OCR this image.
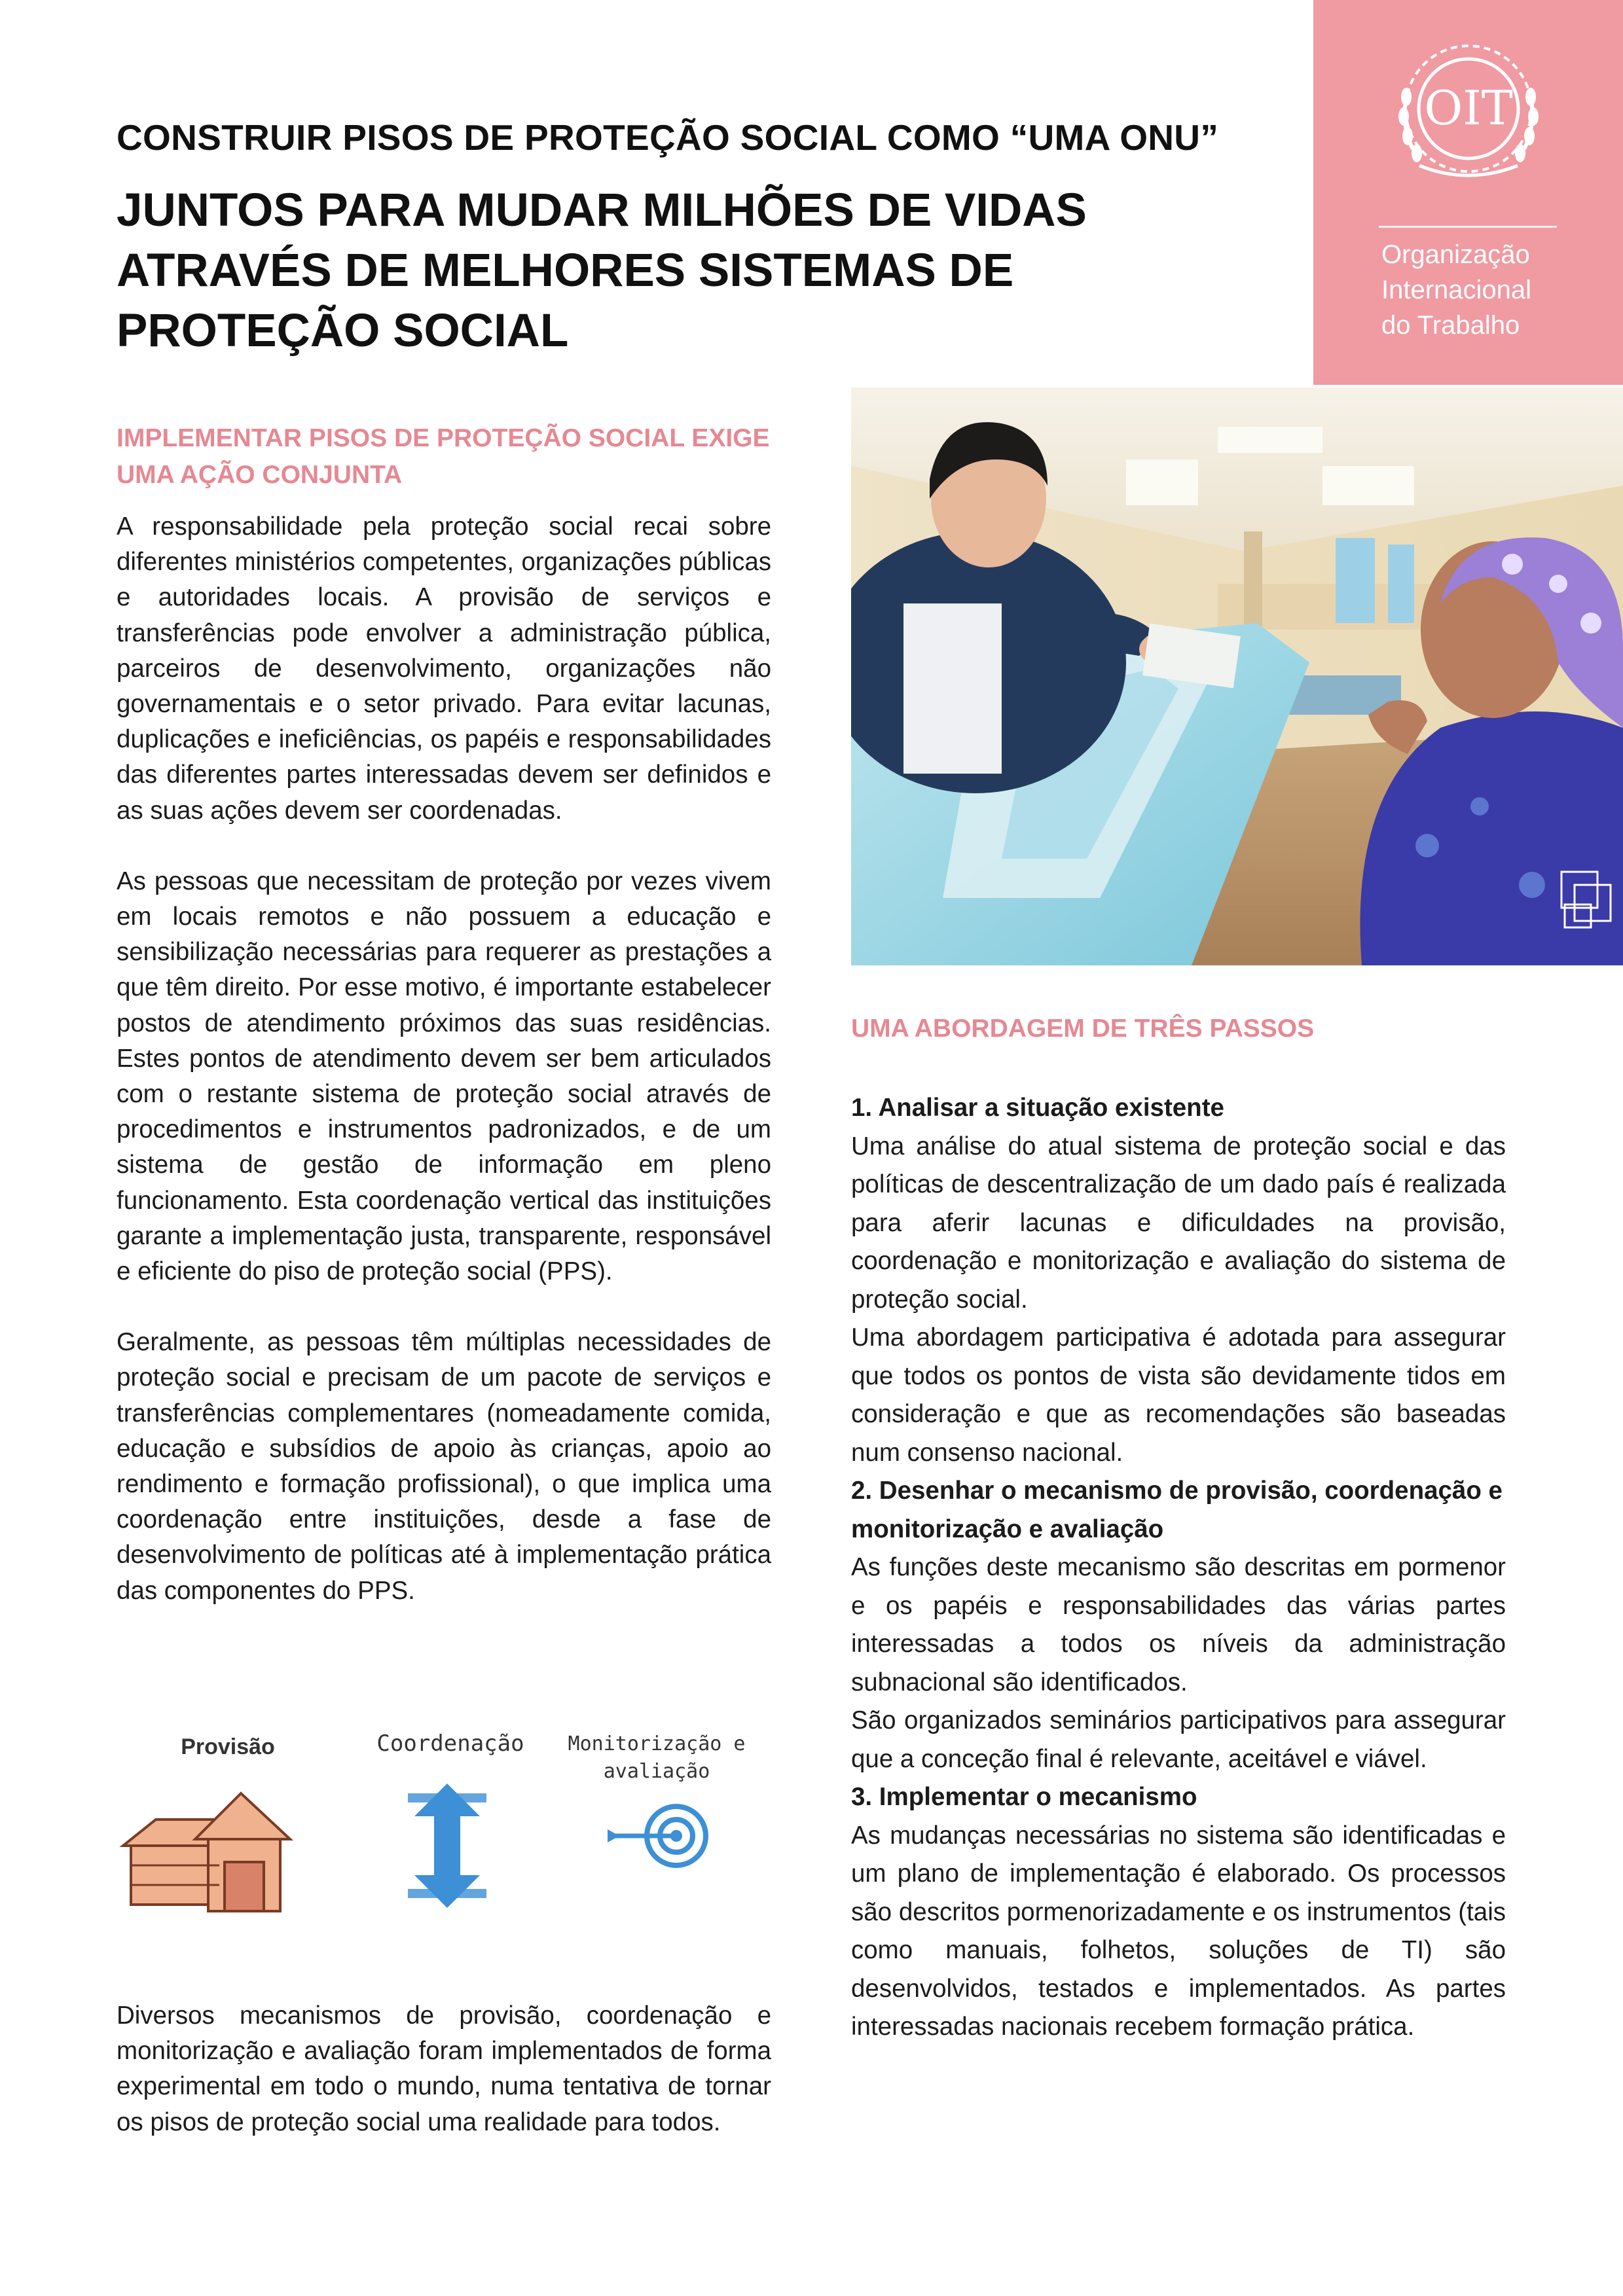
OIT
Organização
Internacional
do Trabalho
CONSTRUIR PISOS DE PROTEÇÃO SOCIAL COMO “UMA ONU”
JUNTOS PARA MUDAR MILHÕES DE VIDAS
ATRAVÉS DE MELHORES SISTEMAS DE
PROTEÇÃO SOCIAL
IMPLEMENTAR PISOS DE PROTEÇÃO SOCIAL EXIGE
UMA AÇÃO CONJUNTA

A responsabilidade pela proteção social recai sobre diferentes ministérios competentes, organizações públicas e autoridades locais. A provisão de serviços e transferências pode envolver a administração pública, parceiros de desenvolvimento, organizações não governamentais e o setor privado. Para evitar lacunas, duplicações e ineficiências, os papéis e responsabilidades das diferentes partes interessadas devem ser definidos e as suas ações devem ser coordenadas.

As pessoas que necessitam de proteção por vezes vivem em locais remotos e não possuem a educação e sensibilização necessárias para requerer as prestações a que têm direito. Por esse motivo, é importante estabelecer postos de atendimento próximos das suas residências. Estes pontos de atendimento devem ser bem articulados com o restante sistema de proteção social através de procedimentos e instrumentos padronizados, e de um sistema de gestão de informação em pleno funcionamento. Esta coordenação vertical das instituições garante a implementação justa, transparente, responsável e eficiente do piso de proteção social (PPS).

Geralmente, as pessoas têm múltiplas necessidades de proteção social e precisam de um pacote de serviços e transferências complementares (nomeadamente comida, educação e subsídios de apoio às crianças, apoio ao rendimento e formação profissional), o que implica uma coordenação entre instituições, desde a fase de desenvolvimento de políticas até à implementação prática das componentes do PPS.

Provisão	Coordenação	Monitorização e
avaliação

Diversos mecanismos de provisão, coordenação e monitorização e avaliação foram implementados de forma experimental em todo o mundo, numa tentativa de tornar os pisos de proteção social uma realidade para todos.

UMA ABORDAGEM DE TRÊS PASSOS

1. Analisar a situação existente

Uma análise do atual sistema de proteção social e das políticas de descentralização de um dado país é realizada para aferir lacunas e dificuldades na provisão, coordenação e monitorização e avaliação do sistema de proteção social.

Uma abordagem participativa é adotada para assegurar que todos os pontos de vista são devidamente tidos em consideração e que as recomendações são baseadas num consenso nacional.

2. Desenhar o mecanismo de provisão, coordenação e monitorização e avaliação

As funções deste mecanismo são descritas em pormenor e os papéis e responsabilidades das várias partes interessadas a todos os níveis da administração subnacional são identificados.

São organizados seminários participativos para assegurar que a conceção final é relevante, aceitável e viável.

3. Implementar o mecanismo

As mudanças necessárias no sistema são identificadas e um plano de implementação é elaborado. Os processos são descritos pormenorizadamente e os instrumentos (tais como manuais, folhetos, soluções de TI) são desenvolvidos, testados e implementados. As partes interessadas nacionais recebem formação prática.
